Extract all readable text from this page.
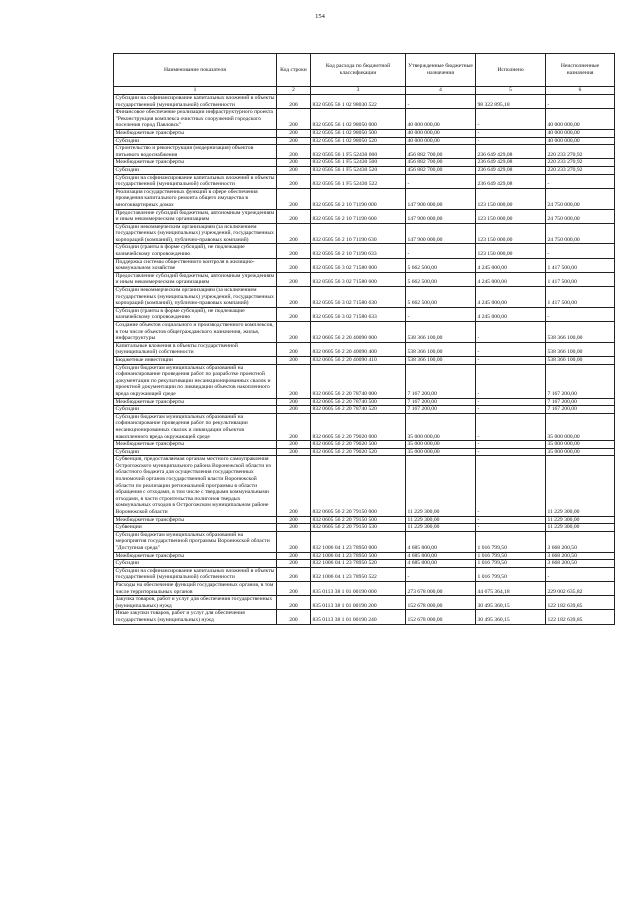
154
Наименование показателя	Код строки	Код расхода по бюджетной классификации	Утвержденные бюджетные назначения	Исполнено	Неисполненные назначения
1	2	3	4	5	6
Субсидии на софинансирование капитальных вложений в объекты государственной (муниципальной) собственности	200	832 0505 56 1 02 98030 522	-	98 322 895,18	-
Финансовое обеспечение реализации инфраструктурного проекта "Реконструкция комплекса очистных сооружений городского поселения город Павловск"	200	832 0505 56 1 02 98050 000	40 000 000,00	-	40 000 000,00
Межбюджетные трансферты	200	832 0505 56 1 02 98050 500	40 000 000,00	-	40 000 000,00
Субсидии	200	832 0505 56 1 02 98050 520	40 000 000,00	-	40 000 000,00
Строительство и реконструкция (модернизация) объектов питьевого водоснабжения	200	832 0505 56 1 F5 52430 000	456 882 700,00	236 649 429,08	220 233 270,92
Межбюджетные трансферты	200	832 0505 56 1 F5 52430 500	456 882 700,00	236 649 429,08	220 233 270,92
Субсидии	200	832 0505 56 1 F5 52430 520	456 882 700,00	236 649 429,08	220 233 270,92
Субсидии на софинансирование капитальных вложений в объекты государственной (муниципальной) собственности	200	832 0505 56 1 F5 52430 522	-	236 649 429,08	-
Реализация государственных функций в сфере обеспечения проведения капитального ремонта общего имущества в многоквартирных домах	200	832 0505 56 2 10 71190 000	147 900 000,00	123 150 000,00	24 750 000,00
Предоставление субсидий бюджетным, автономным учреждениям и иным некоммерческим организациям	200	832 0505 56 2 10 71190 600	147 900 000,00	123 150 000,00	24 750 000,00
Субсидии некоммерческим организациям (за исключением государственных (муниципальных) учреждений, государственных корпораций (компаний), публично-правовых компаний)	200	832 0505 56 2 10 71190 630	147 900 000,00	123 150 000,00	24 750 000,00
Субсидии (гранты в форме субсидий), не подлежащие казначейскому сопровождению	200	832 0505 56 2 10 71190 633	-	123 150 000,00	-
Поддержка системы общественного контроля в жилищно-коммунальном хозяйстве	200	832 0505 56 3 02 71580 000	5 662 500,00	4 245 000,00	1 417 500,00
Предоставление субсидий бюджетным, автономным учреждениям и иным некоммерческим организациям	200	832 0505 56 3 02 71580 600	5 662 500,00	4 245 000,00	1 417 500,00
Субсидии некоммерческим организациям (за исключением государственных (муниципальных) учреждений, государственных корпораций (компаний), публично-правовых компаний)	200	832 0505 56 3 02 71580 630	5 662 500,00	4 245 000,00	1 417 500,00
Субсидии (гранты в форме субсидий), не подлежащие казначейскому сопровождению	200	832 0505 56 3 02 71580 633	-	4 245 000,00	-
Создание объектов социального и производственного комплексов, в том числе объектов общегражданского назначения, жилья, инфраструктуры	200	832 0605 56 2 20 40090 000	538 366 100,00	-	538 366 100,00
Капитальные вложения в объекты государственной (муниципальной) собственности	200	832 0605 56 2 20 40090 400	538 366 100,00	-	538 366 100,00
Бюджетные инвестиции	200	832 0605 56 2 20 40090 410	538 366 100,00	-	538 366 100,00
Субсидии бюджетам муниципальных образований на софинансирование проведения работ по разработке проектной документации по рекультивации несанкционированных свалок и проектной документации по ликвидации объектов накопленного вреда окружающей среде	200	832 0605 56 2 20 78740 000	7 167 200,00	-	7 167 200,00
Межбюджетные трансферты	200	832 0605 56 2 20 78740 500	7 167 200,00	-	7 167 200,00
Субсидии	200	832 0605 56 2 20 78740 520	7 167 200,00	-	7 167 200,00
Субсидии бюджетам муниципальных образований на софинансирование проведения работ по рекультивации несанкционированных свалок и ликвидации объектов накопленного вреда окружающей среде	200	832 0605 56 2 20 79020 000	35 000 000,00	-	35 000 000,00
Межбюджетные трансферты	200	832 0605 56 2 20 79020 500	35 000 000,00	-	35 000 000,00
Субсидии	200	832 0605 56 2 20 79020 520	35 000 000,00	-	35 000 000,00
Субвенция, предоставляемая органам местного самоуправления Острогожского муниципального района Воронежской области из областного бюджета для осуществления государственных полномочий органов государственной власти Воронежской области по реализации региональной программы в области обращения с отходами, в том числе с твердыми коммунальными отходами, в части строительства полигонов твердых коммунальных отходов в Острогожском муниципальном районе Воронежской области	200	832 0605 56 2 20 79150 000	11 229 300,00	-	11 229 300,00
Межбюджетные трансферты	200	832 0605 56 2 20 79150 500	11 229 300,00	-	11 229 300,00
Субвенции	200	832 0605 56 2 20 79150 530	11 229 300,00	-	11 229 300,00
Субсидии бюджетам муниципальных образований на мероприятия государственной программы Воронежской области "Доступная среда"	200	832 1006 04 1 23 78950 000	4 685 000,00	1 016 799,50	3 668 200,50
Межбюджетные трансферты	200	832 1006 04 1 23 78950 500	4 685 000,00	1 016 799,50	3 668 200,50
Субсидии	200	832 1006 04 1 23 78950 520	4 685 000,00	1 016 799,50	3 668 200,50
Субсидии на софинансирование капитальных вложений в объекты государственной (муниципальной) собственности	200	832 1006 04 1 23 78950 522	-	1 016 799,50	-
Расходы на обеспечение функций государственных органов, в том числе территориальных органов	200	835 0113 38 1 01 00190 000	273 678 000,00	44 675 364,18	229 002 635,82
Закупка товаров, работ и услуг для обеспечения государственных (муниципальных) нужд	200	835 0113 38 1 01 00190 200	152 678 000,00	30 495 360,15	122 182 639,85
Иные закупки товаров, работ и услуг для обеспечения государственных (муниципальных) нужд	200	835 0113 38 1 01 00190 240	152 678 000,00	30 495 360,15	122 182 639,85
